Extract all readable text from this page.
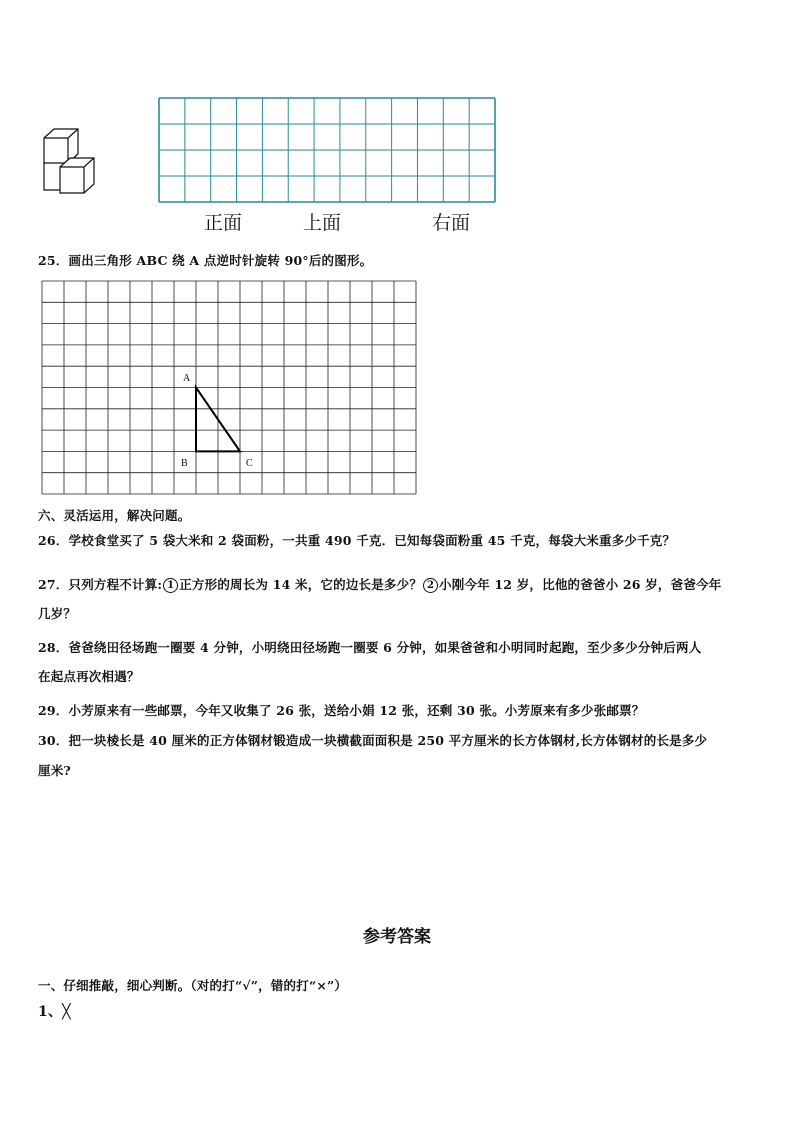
正面	上面	右面
25．画出三角形 ABC 绕 A 点逆时针旋转 90°后的图形。
A
B	C
六、灵活运用，解决问题。
26．学校食堂买了 5 袋大米和 2 袋面粉，一共重 490 千克．已知每袋面粉重 45 千克，每袋大米重多少千克？
27．只列方程不计算: 1 正方形的周长为 14 米，它的边长是多少？ 2 小刚今年 12 岁，比他的爸爸小 26 岁，爸爸今年
几岁？
28．爸爸绕田径场跑一圈要 4 分钟，小明绕田径场跑一圈要 6 分钟，如果爸爸和小明同时起跑，至少多少分钟后两人
在起点再次相遇？
29．小芳原来有一些邮票，今年又收集了 26 张，送给小娟 12 张，还剩 30 张。小芳原来有多少张邮票？
30．把一块棱长是 40 厘米的正方体钢材锻造成一块横截面面积是 250 平方厘米的长方体钢材,长方体钢材的长是多少
厘米?
参考答案
一、仔细推敲，细心判断。（对的打“√”，错的打“×”）
1、╳
